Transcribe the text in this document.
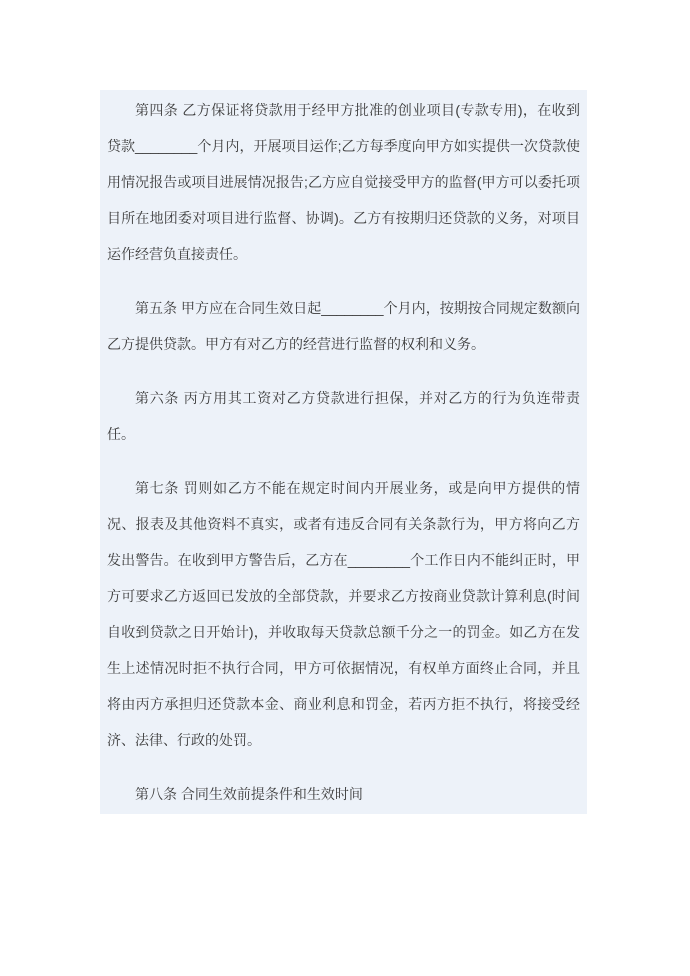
第四条 乙方保证将贷款用于经甲方批准的创业项目(专款专用)，在收到贷款________个月内，开展项目运作;乙方每季度向甲方如实提供一次贷款使用情况报告或项目进展情况报告;乙方应自觉接受甲方的监督(甲方可以委托项目所在地团委对项目进行监督、协调)。乙方有按期归还贷款的义务，对项目运作经营负直接责任。

第五条 甲方应在合同生效日起________个月内，按期按合同规定数额向乙方提供贷款。甲方有对乙方的经营进行监督的权利和义务。

第六条 丙方用其工资对乙方贷款进行担保，并对乙方的行为负连带责任。

第七条 罚则如乙方不能在规定时间内开展业务，或是向甲方提供的情况、报表及其他资料不真实，或者有违反合同有关条款行为，甲方将向乙方发出警告。在收到甲方警告后，乙方在________个工作日内不能纠正时，甲方可要求乙方返回已发放的全部贷款，并要求乙方按商业贷款计算利息(时间自收到贷款之日开始计)，并收取每天贷款总额千分之一的罚金。如乙方在发生上述情况时拒不执行合同，甲方可依据情况，有权单方面终止合同，并且将由丙方承担归还贷款本金、商业利息和罚金，若丙方拒不执行，将接受经济、法律、行政的处罚。

第八条 合同生效前提条件和生效时间
